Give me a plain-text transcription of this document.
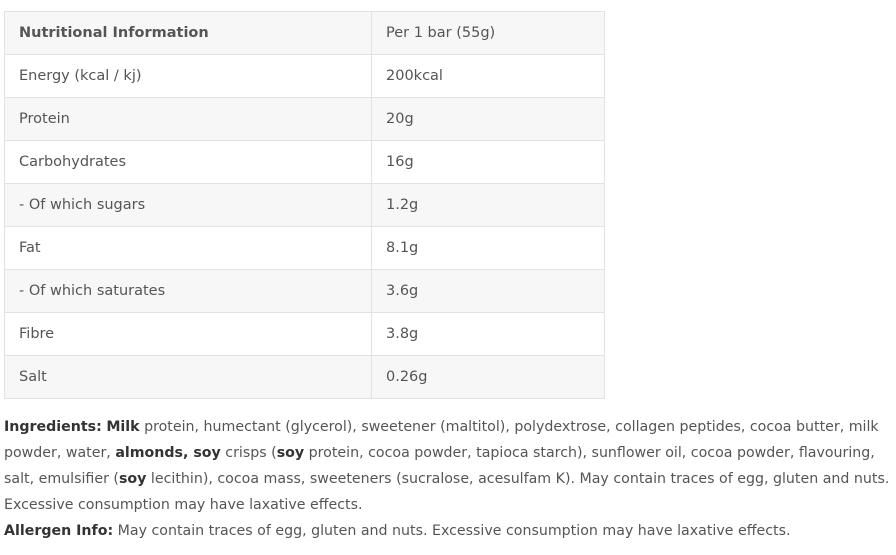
Nutritional Information	Per 1 bar (55g)
Energy (kcal / kj)	200kcal
Protein	20g
Carbohydrates	16g
- Of which sugars	1.2g
Fat	8.1g
- Of which saturates	3.6g
Fibre	3.8g
Salt	0.26g

Ingredients: Milk protein, humectant (glycerol), sweetener (maltitol), polydextrose, collagen peptides, cocoa butter, milk powder, water, almonds, soy crisps (soy protein, cocoa powder, tapioca starch), sunflower oil, cocoa powder, flavouring, salt, emulsifier (soy lecithin), cocoa mass, sweeteners (sucralose, acesulfam K). May contain traces of egg, gluten and nuts. Excessive consumption may have laxative effects.

Allergen Info: May contain traces of egg, gluten and nuts. Excessive consumption may have laxative effects.
